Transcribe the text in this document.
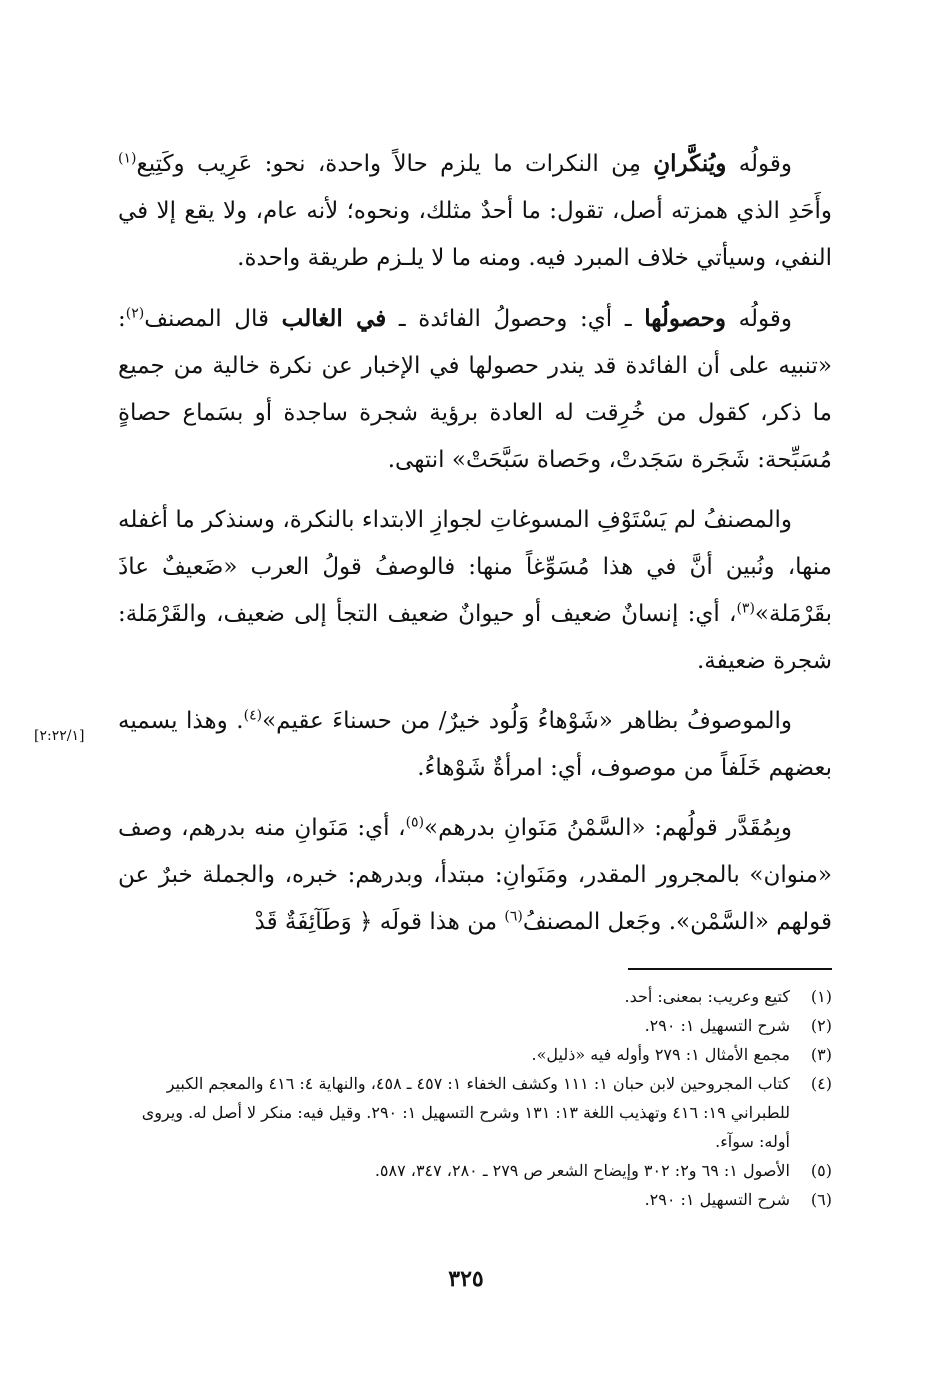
وقولُه ويُنكَّرانِ مِن النكرات ما يلزم حالاً واحدة، نحو: عَرِيب وكَتِيع$^{(١)}$ وأَحَدِ الذي همزته أصل، تقول: ما أحدٌ مثلك، ونحوه؛ لأنه عام، ولا يقع إلا في النفي، وسيأتي خلاف المبرد فيه. ومنه ما لا يلـزم طريقة واحدة.

وقولُه وحصولُها ـ أي: وحصولُ الفائدة ـ في الغالب قال المصنف$^{(٢)}$: «تنبيه على أن الفائدة قد يندر حصولها في الإخبار عن نكرة خالية من جميع ما ذكر، كقول من خُرِقت له العادة برؤية شجرة ساجدة أو بسَماع حصاةٍ مُسَبِّحة: شَجَرة سَجَدتْ، وحَصاة سَبَّحَتْ» انتهى.

والمصنفُ لم يَسْتَوْفِ المسوغاتِ لجوازِ الابتداء بالنكرة، وسنذكر ما أغفله منها، ونُبين أنَّ في هذا مُسَوِّغاً منها: فالوصفُ قولُ العرب «ضَعيفٌ عاذَ بقَرْمَلة»$^{(٣)}$، أي: إنسانٌ ضعيف أو حيوانٌ ضعيف التجأ إلى ضعيف، والقَرْمَلة: شجرة ضعيفة.

والموصوفُ بظاهر «شَوْهاءُ وَلُود خيرٌ/ من حسناءَ عقيم»$^{(٤)}$. وهذا يسميه بعضهم خَلَفاً من موصوف، أي: امرأةٌ شَوْهاءُ.

وبِمُقَدَّر قولُهم: «السَّمْنُ مَنَوانِ بدرهم»$^{(٥)}$، أي: مَنَوانِ منه بدرهم، وصف «منوان» بالمجرور المقدر، ومَنَوانِ: مبتدأ، وبدرهم: خبره، والجملة خبرٌ عن قولهم «السَّمْن». وجَعل المصنفُ$^{(٦)}$ من هذا قولَه ﴿ وَطَآئِفَةٌ قَدْ

[٢:٢٢/١]
(١)
كتيع وعريب: بمعنى: أحد.
(٢)
شرح التسهيل ١: ٢٩٠.
(٣)
مجمع الأمثال ١: ٢٧٩ وأوله فيه «ذليل».
(٤)
كتاب المجروحين لابن حبان ١: ١١١ وكشف الخفاء ١: ٤٥٧ ـ ٤٥٨، والنهاية ٤: ٤١٦ والمعجم الكبير للطبراني ١٩: ٤١٦ وتهذيب اللغة ١٣: ١٣١ وشرح التسهيل ١: ٢٩٠. وقيل فيه: منكر لا أصل له. ويروى أوله: سوآء.
(٥)
الأصول ١: ٦٩ و٢: ٣٠٢ وإيضاح الشعر ص ٢٧٩ ـ ٢٨٠، ٣٤٧، ٥٨٧.
(٦)
شرح التسهيل ١: ٢٩٠.
٣٢٥
